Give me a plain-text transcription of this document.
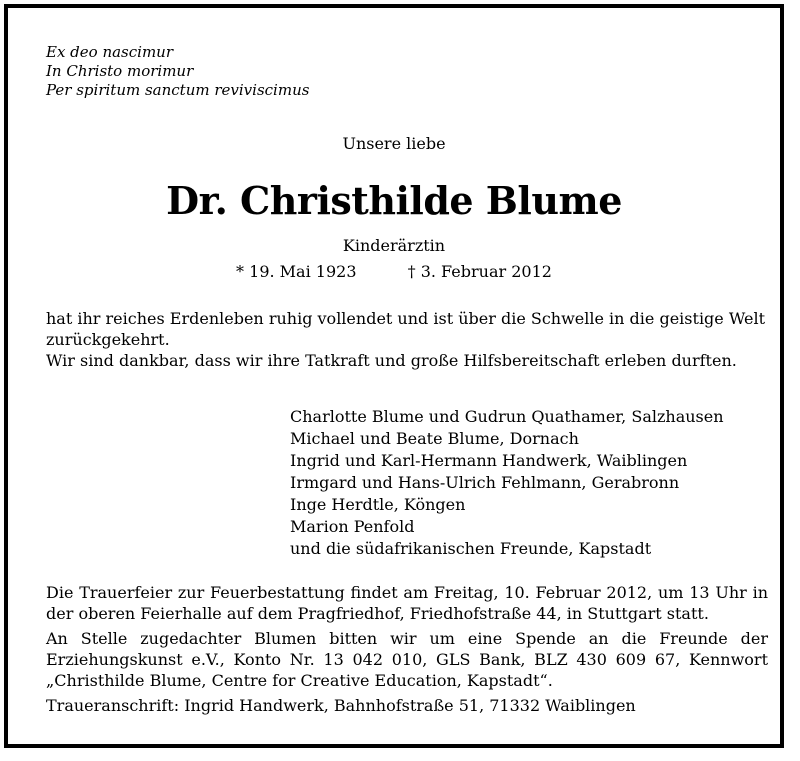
Ex deo nascimur
In Christo morimur
Per spiritum sanctum reviviscimus
Unsere liebe
Dr. Christhilde Blume
Kinderärztin
* 19. Mai 1923	† 3. Februar 2012
hat ihr reiches Erdenleben ruhig vollendet und ist über die Schwelle in die geistige Welt zurückgekehrt.
Wir sind dankbar, dass wir ihre Tatkraft und große Hilfsbereitschaft erleben durften.
Charlotte Blume und Gudrun Quathamer, Salzhausen
Michael und Beate Blume, Dornach
Ingrid und Karl-Hermann Handwerk, Waiblingen
Irmgard und Hans-Ulrich Fehlmann, Gerabronn
Inge Herdtle, Köngen
Marion Penfold
und die südafrikanischen Freunde, Kapstadt

Die Trauerfeier zur Feuerbestattung findet am Freitag, 10. Februar 2012, um 13 Uhr in der oberen Feierhalle auf dem Pragfriedhof, Friedhofstraße 44, in Stuttgart statt.

An Stelle zugedachter Blumen bitten wir um eine Spende an die Freunde der Erziehungskunst e.V., Konto Nr. 13 042 010, GLS Bank, BLZ 430 609 67, Kennwort „Christhilde Blume, Centre for Creative Education, Kapstadt“.

Traueranschrift: Ingrid Handwerk, Bahnhofstraße 51, 71332 Waiblingen
